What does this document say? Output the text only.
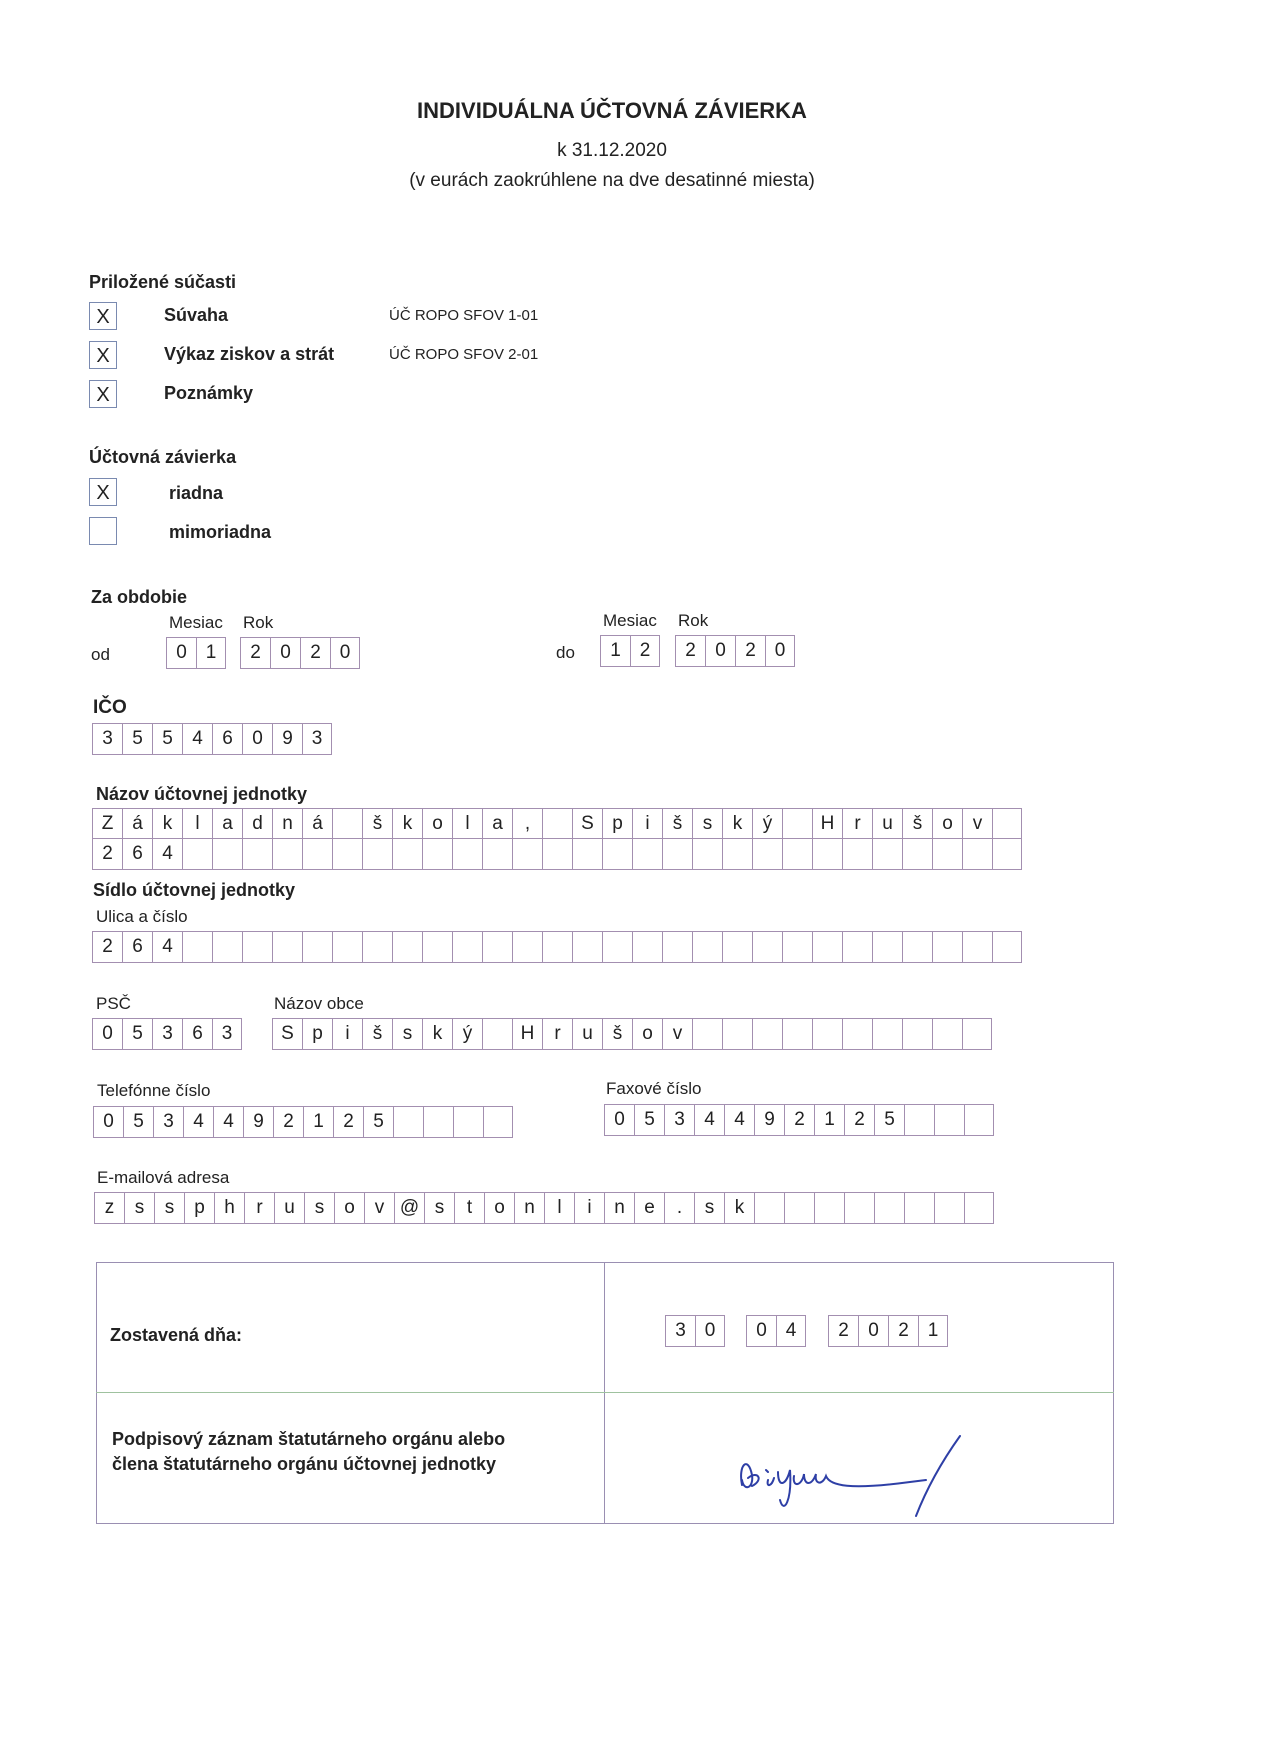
INDIVIDUÁLNA ÚČTOVNÁ ZÁVIERKA
k 31.12.2020
(v eurách zaokrúhlene na dve desatinné miesta)
Priložené súčasti
X	Súvaha	ÚČ ROPO SFOV 1-01
X	Výkaz ziskov a strát	ÚČ ROPO SFOV 2-01
X	Poznámky
Účtovná závierka
X	riadna
mimoriadna
Za obdobie
Mesiac Rok
od	0 1	2	0	2 0
Mesiac Rok
do	1 2	2	0	2 0
IČO
3	5	5	4	6	0	9 3
Názov účtovnej jednotky
Z á	k	l	a	d	n	á	š	k	o	l	a	,	S p	i	š	s	k	ý	H	r	u	š	o	v
2	6	4
Sídlo účtovnej jednotky
Ulica a číslo
2	6	4
PSČ
0	5	3	6 3
Názov obce
S p	i	š	s	k	ý	H	r	u	š	o	v
Telefónne číslo
0	5	3	4	4	9	2	1	2	5
Faxové číslo
0	5	3	4	4	9	2	1	2	5
E-mailová adresa
z	s	s	p	h	r	u	s	o	v @ s	t	o	n	l	i	n	e	.	s	k
Zostavená dňa:	3 0	0 4	2	0	2 1
Podpisový záznam štatutárneho orgánu alebo
člena štatutárneho orgánu účtovnej jednotky
